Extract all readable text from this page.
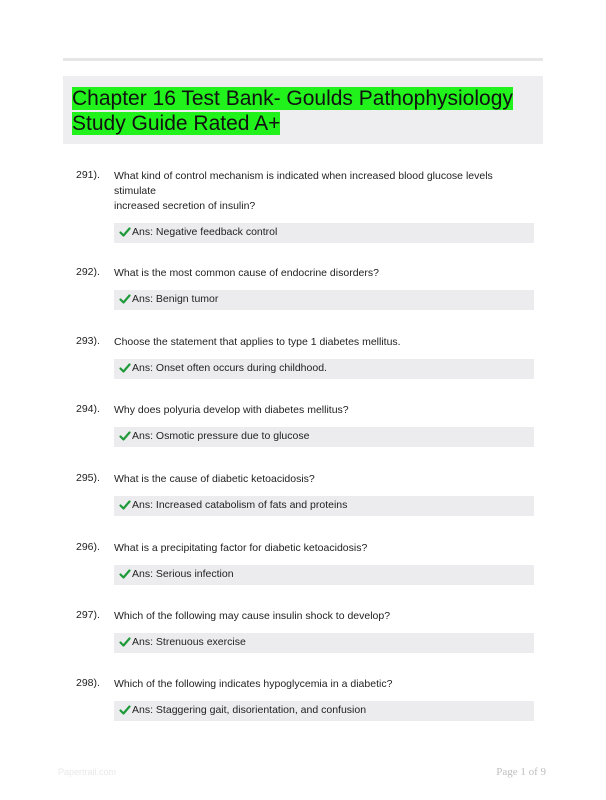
Chapter 16 Test Bank- Goulds Pathophysiology
Study Guide Rated A+
291). What kind of control mechanism is indicated when increased blood glucose levels
stimulate
increased secretion of insulin?
Ans: Negative feedback control
292). What is the most common cause of endocrine disorders?
Ans: Benign tumor
293). Choose the statement that applies to type 1 diabetes mellitus.
Ans: Onset often occurs during childhood.
294). Why does polyuria develop with diabetes mellitus?
Ans: Osmotic pressure due to glucose
295). What is the cause of diabetic ketoacidosis?
Ans: Increased catabolism of fats and proteins
296). What is a precipitating factor for diabetic ketoacidosis?
Ans: Serious infection
297). Which of the following may cause insulin shock to develop?
Ans: Strenuous exercise
298). Which of the following indicates hypoglycemia in a diabetic?
Ans: Staggering gait, disorientation, and confusion
Papertrail.com	Page 1 of 9
